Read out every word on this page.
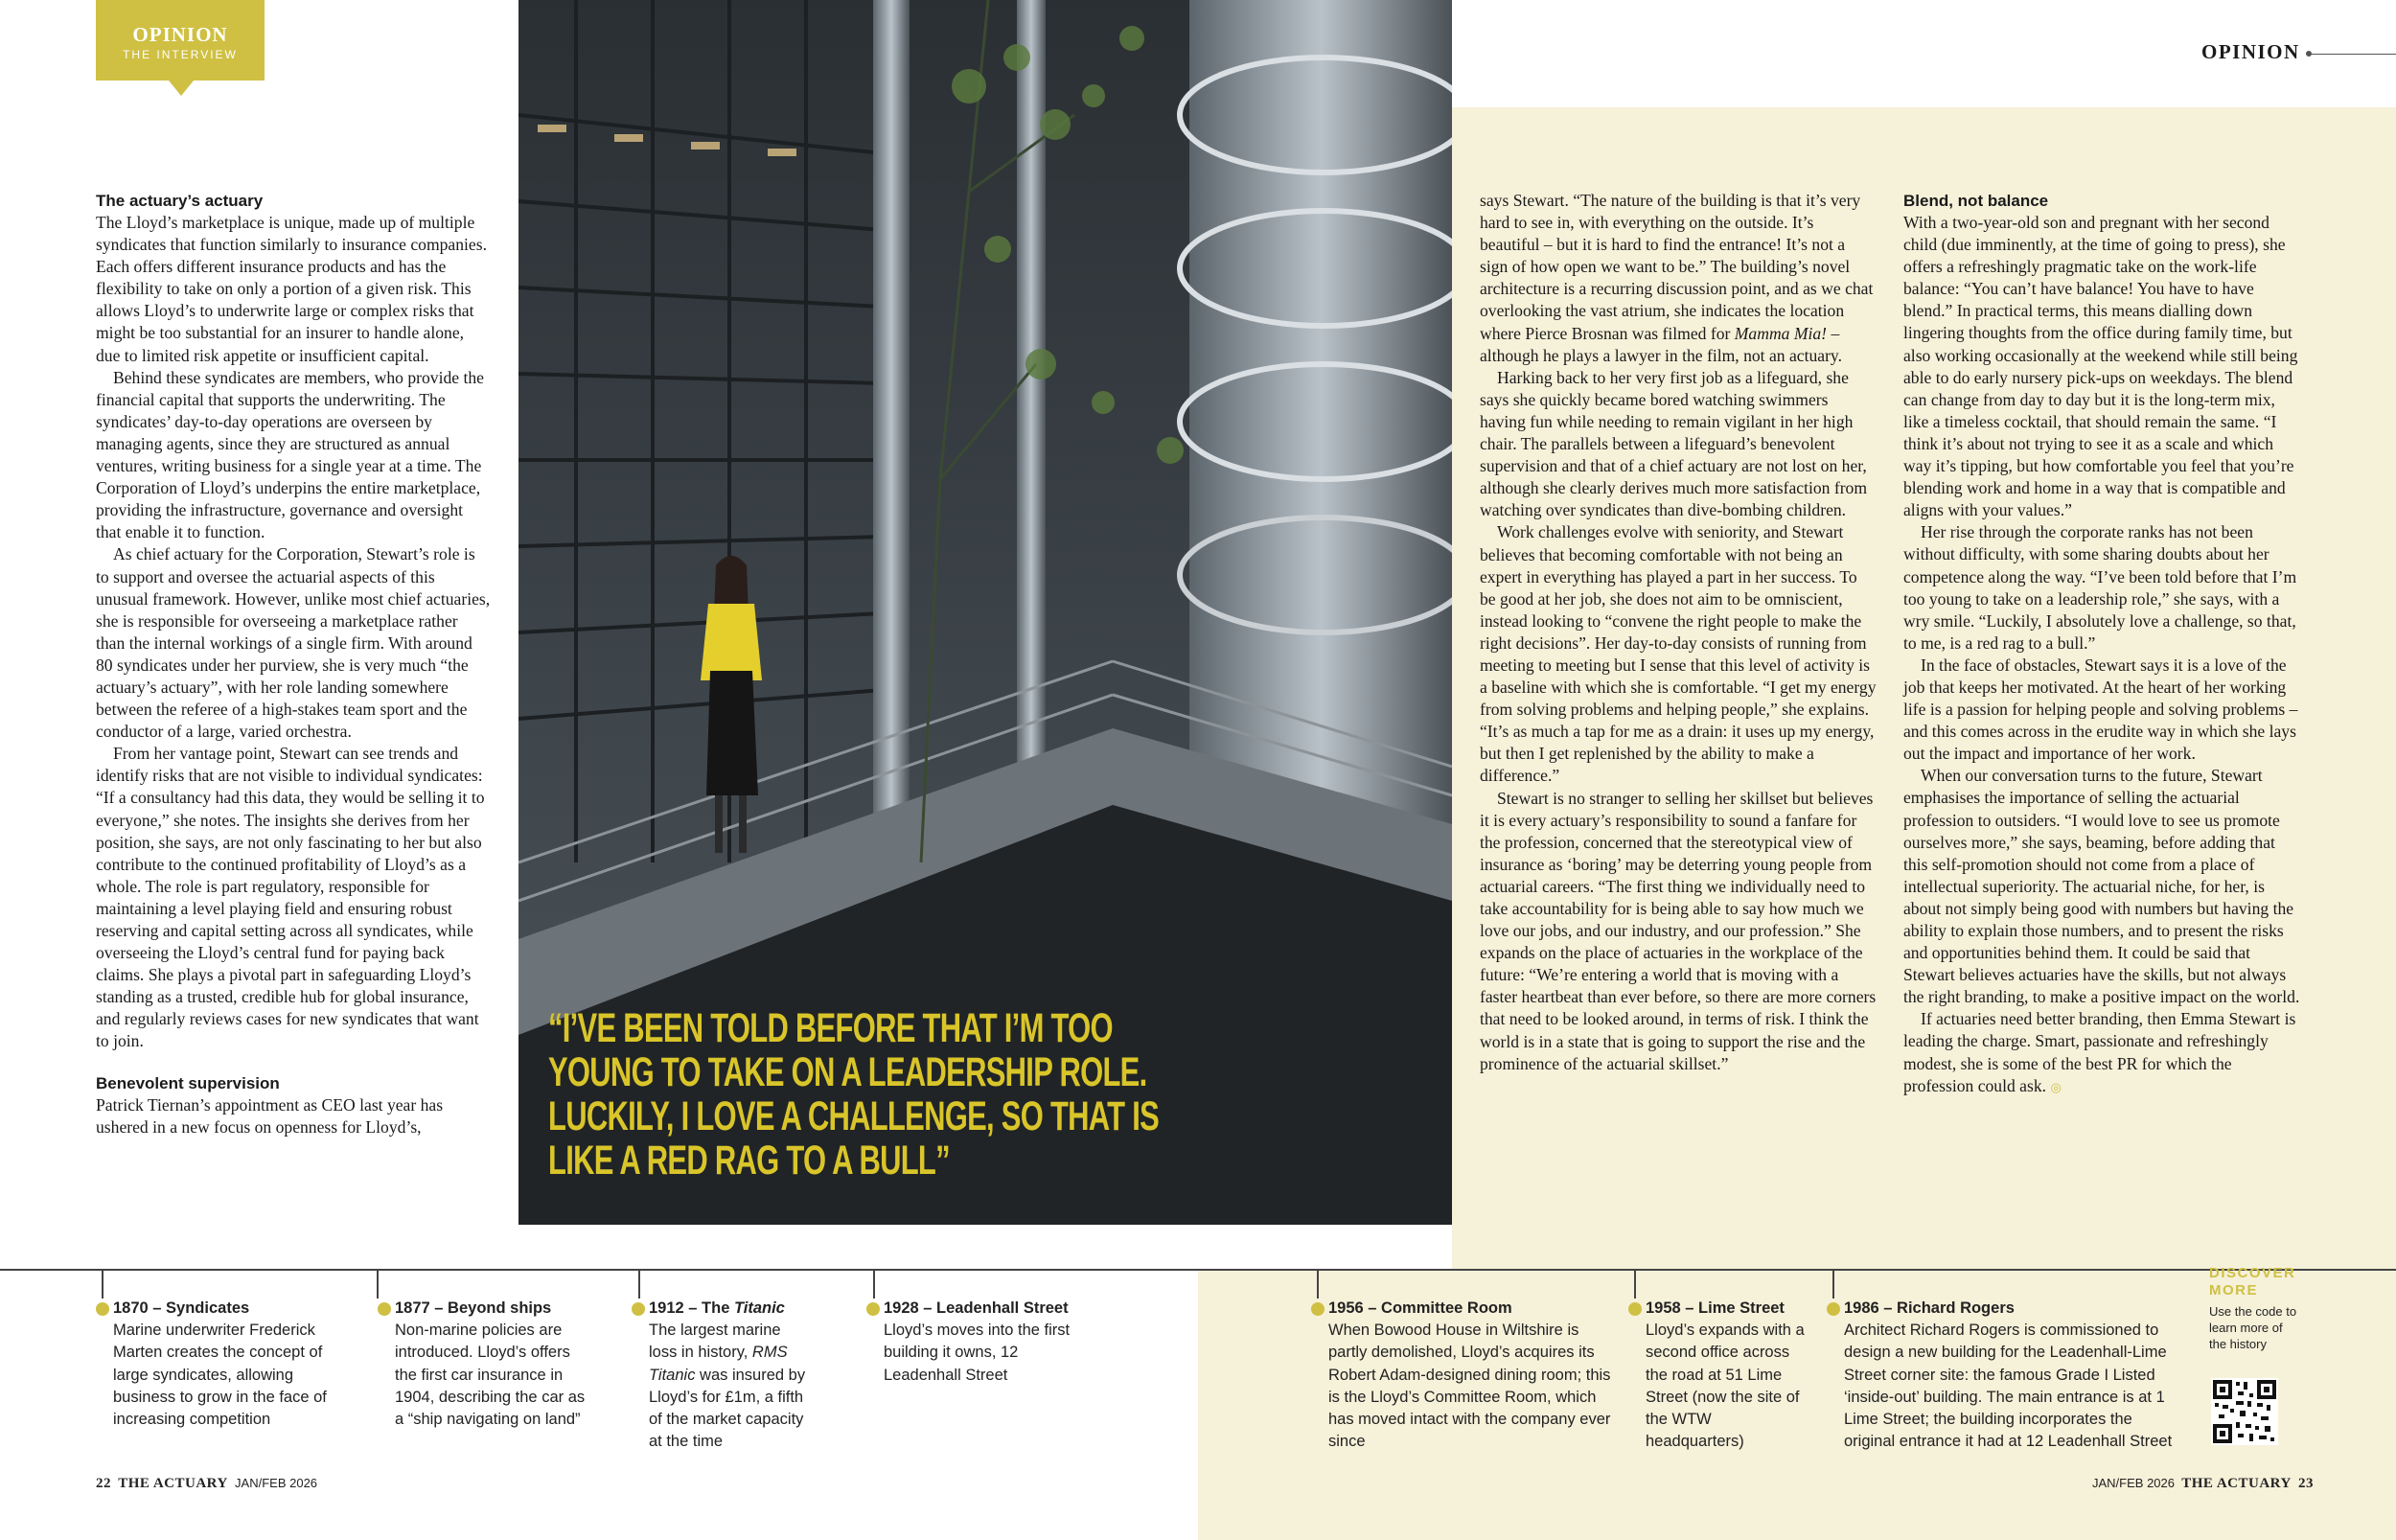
OPINION
THE INTERVIEW	OPINION
“I’VE BEEN TOLD BEFORE THAT I’M TOO YOUNG TO TAKE ON A LEADERSHIP ROLE. LUCKILY, I LOVE A CHALLENGE, SO THAT IS LIKE A RED RAG TO A BULL”
The actuary’s actuary

The Lloyd’s marketplace is unique, made up of multiple syndicates that function similarly to insurance companies. Each offers different insurance products and has the flexibility to take on only a portion of a given risk. This allows Lloyd’s to underwrite large or complex risks that might be too substantial for an insurer to handle alone, due to limited risk appetite or insufficient capital.

Behind these syndicates are members, who provide the financial capital that supports the underwriting. The syndicates’ day-to-day operations are overseen by managing agents, since they are structured as annual ventures, writing business for a single year at a time. The Corporation of Lloyd’s underpins the entire marketplace, providing the infrastructure, governance and oversight that enable it to function.

As chief actuary for the Corporation, Stewart’s role is to support and oversee the actuarial aspects of this unusual framework. However, unlike most chief actuaries, she is responsible for overseeing a marketplace rather than the internal workings of a single firm. With around 80 syndicates under her purview, she is very much “the actuary’s actuary”, with her role landing somewhere between the referee of a high-stakes team sport and the conductor of a large, varied orchestra.

From her vantage point, Stewart can see trends and identify risks that are not visible to individual syndicates: “If a consultancy had this data, they would be selling it to everyone,” she notes. The insights she derives from her position, she says, are not only fascinating to her but also contribute to the continued profitability of Lloyd’s as a whole. The role is part regulatory, responsible for maintaining a level playing field and ensuring robust reserving and capital setting across all syndicates, while overseeing the Lloyd’s central fund for paying back claims. She plays a pivotal part in safeguarding Lloyd’s standing as a trusted, credible hub for global insurance, and regularly reviews cases for new syndicates that want to join.

Benevolent supervision

Patrick Tiernan’s appointment as CEO last year has ushered in a new focus on openness for Lloyd’s,

says Stewart. “The nature of the building is that it’s very hard to see in, with everything on the outside. It’s beautiful – but it is hard to find the entrance! It’s not a sign of how open we want to be.” The building’s novel architecture is a recurring discussion point, and as we chat overlooking the vast atrium, she indicates the location where Pierce Brosnan was filmed for Mamma Mia! – although he plays a lawyer in the film, not an actuary.

Harking back to her very first job as a lifeguard, she says she quickly became bored watching swimmers having fun while needing to remain vigilant in her high chair. The parallels between a lifeguard’s benevolent supervision and that of a chief actuary are not lost on her, although she clearly derives much more satisfaction from watching over syndicates than dive-bombing children.

Work challenges evolve with seniority, and Stewart believes that becoming comfortable with not being an expert in everything has played a part in her success. To be good at her job, she does not aim to be omniscient, instead looking to “convene the right people to make the right decisions”. Her day-to-day consists of running from meeting to meeting but I sense that this level of activity is a baseline with which she is comfortable. “I get my energy from solving problems and helping people,” she explains. “It’s as much a tap for me as a drain: it uses up my energy, but then I get replenished by the ability to make a difference.”

Stewart is no stranger to selling her skillset but believes it is every actuary’s responsibility to sound a fanfare for the profession, concerned that the stereotypical view of insurance as ‘boring’ may be deterring young people from actuarial careers. “The first thing we individually need to take accountability for is being able to say how much we love our jobs, and our industry, and our profession.” She expands on the place of actuaries in the workplace of the future: “We’re entering a world that is moving with a faster heartbeat than ever before, so there are more corners that need to be looked around, in terms of risk. I think the world is in a state that is going to support the rise and the prominence of the actuarial skillset.”

Blend, not balance

With a two-year-old son and pregnant with her second child (due imminently, at the time of going to press), she offers a refreshingly pragmatic take on the work-life balance: “You can’t have balance! You have to have blend.” In practical terms, this means dialling down lingering thoughts from the office during family time, but also working occasionally at the weekend while still being able to do early nursery pick-ups on weekdays. The blend can change from day to day but it is the long-term mix, like a timeless cocktail, that should remain the same. “I think it’s about not trying to see it as a scale and which way it’s tipping, but how comfortable you feel that you’re blending work and home in a way that is compatible and aligns with your values.”

Her rise through the corporate ranks has not been without difficulty, with some sharing doubts about her competence along the way. “I’ve been told before that I’m too young to take on a leadership role,” she says, with a wry smile. “Luckily, I absolutely love a challenge, so that, to me, is a red rag to a bull.”

In the face of obstacles, Stewart says it is a love of the job that keeps her motivated. At the heart of her working life is a passion for helping people and solving problems – and this comes across in the erudite way in which she lays out the impact and importance of her work.

When our conversation turns to the future, Stewart emphasises the importance of selling the actuarial profession to outsiders. “I would love to see us promote ourselves more,” she says, beaming, before adding that this self-promotion should not come from a place of intellectual superiority. The actuarial niche, for her, is about not simply being good with numbers but having the ability to explain those numbers, and to present the risks and opportunities behind them. It could be said that Stewart believes actuaries have the skills, but not always the right branding, to make a positive impact on the world.

If actuaries need better branding, then Emma Stewart is leading the charge. Smart, passionate and refreshingly modest, she is some of the best PR for which the profession could ask. ◎

1870 – Syndicates
Marine underwriter Frederick Marten creates the concept of large syndicates, allowing business to grow in the face of increasing competition
1877 – Beyond ships
Non-marine policies are introduced. Lloyd’s offers the first car insurance in 1904, describing the car as a “ship navigating on land”
1912 – The Titanic
The largest marine loss in history, RMS Titanic was insured by Lloyd’s for £1m, a fifth of the market capacity at the time
1928 – Leadenhall Street
Lloyd’s moves into the first building it owns, 12 Leadenhall Street
1956 – Committee Room
When Bowood House in Wiltshire is partly demolished, Lloyd’s acquires its Robert Adam-designed dining room; this is the Lloyd’s Committee Room, which has moved intact with the company ever since
1958 – Lime Street
Lloyd’s expands with a second office across the road at 51 Lime Street (now the site of the WTW headquarters)
1986 – Richard Rogers
Architect Richard Rogers is commissioned to design a new building for the Leadenhall-Lime Street corner site: the famous Grade I Listed ‘inside-out’ building. The main entrance is at 1 Lime Street; the building incorporates the original entrance it had at 12 Leadenhall Street
DISCOVER MORE
Use the code to learn more of the history
22 THE ACTUARY JAN/FEB 2026	JAN/FEB 2026 THE ACTUARY 23
